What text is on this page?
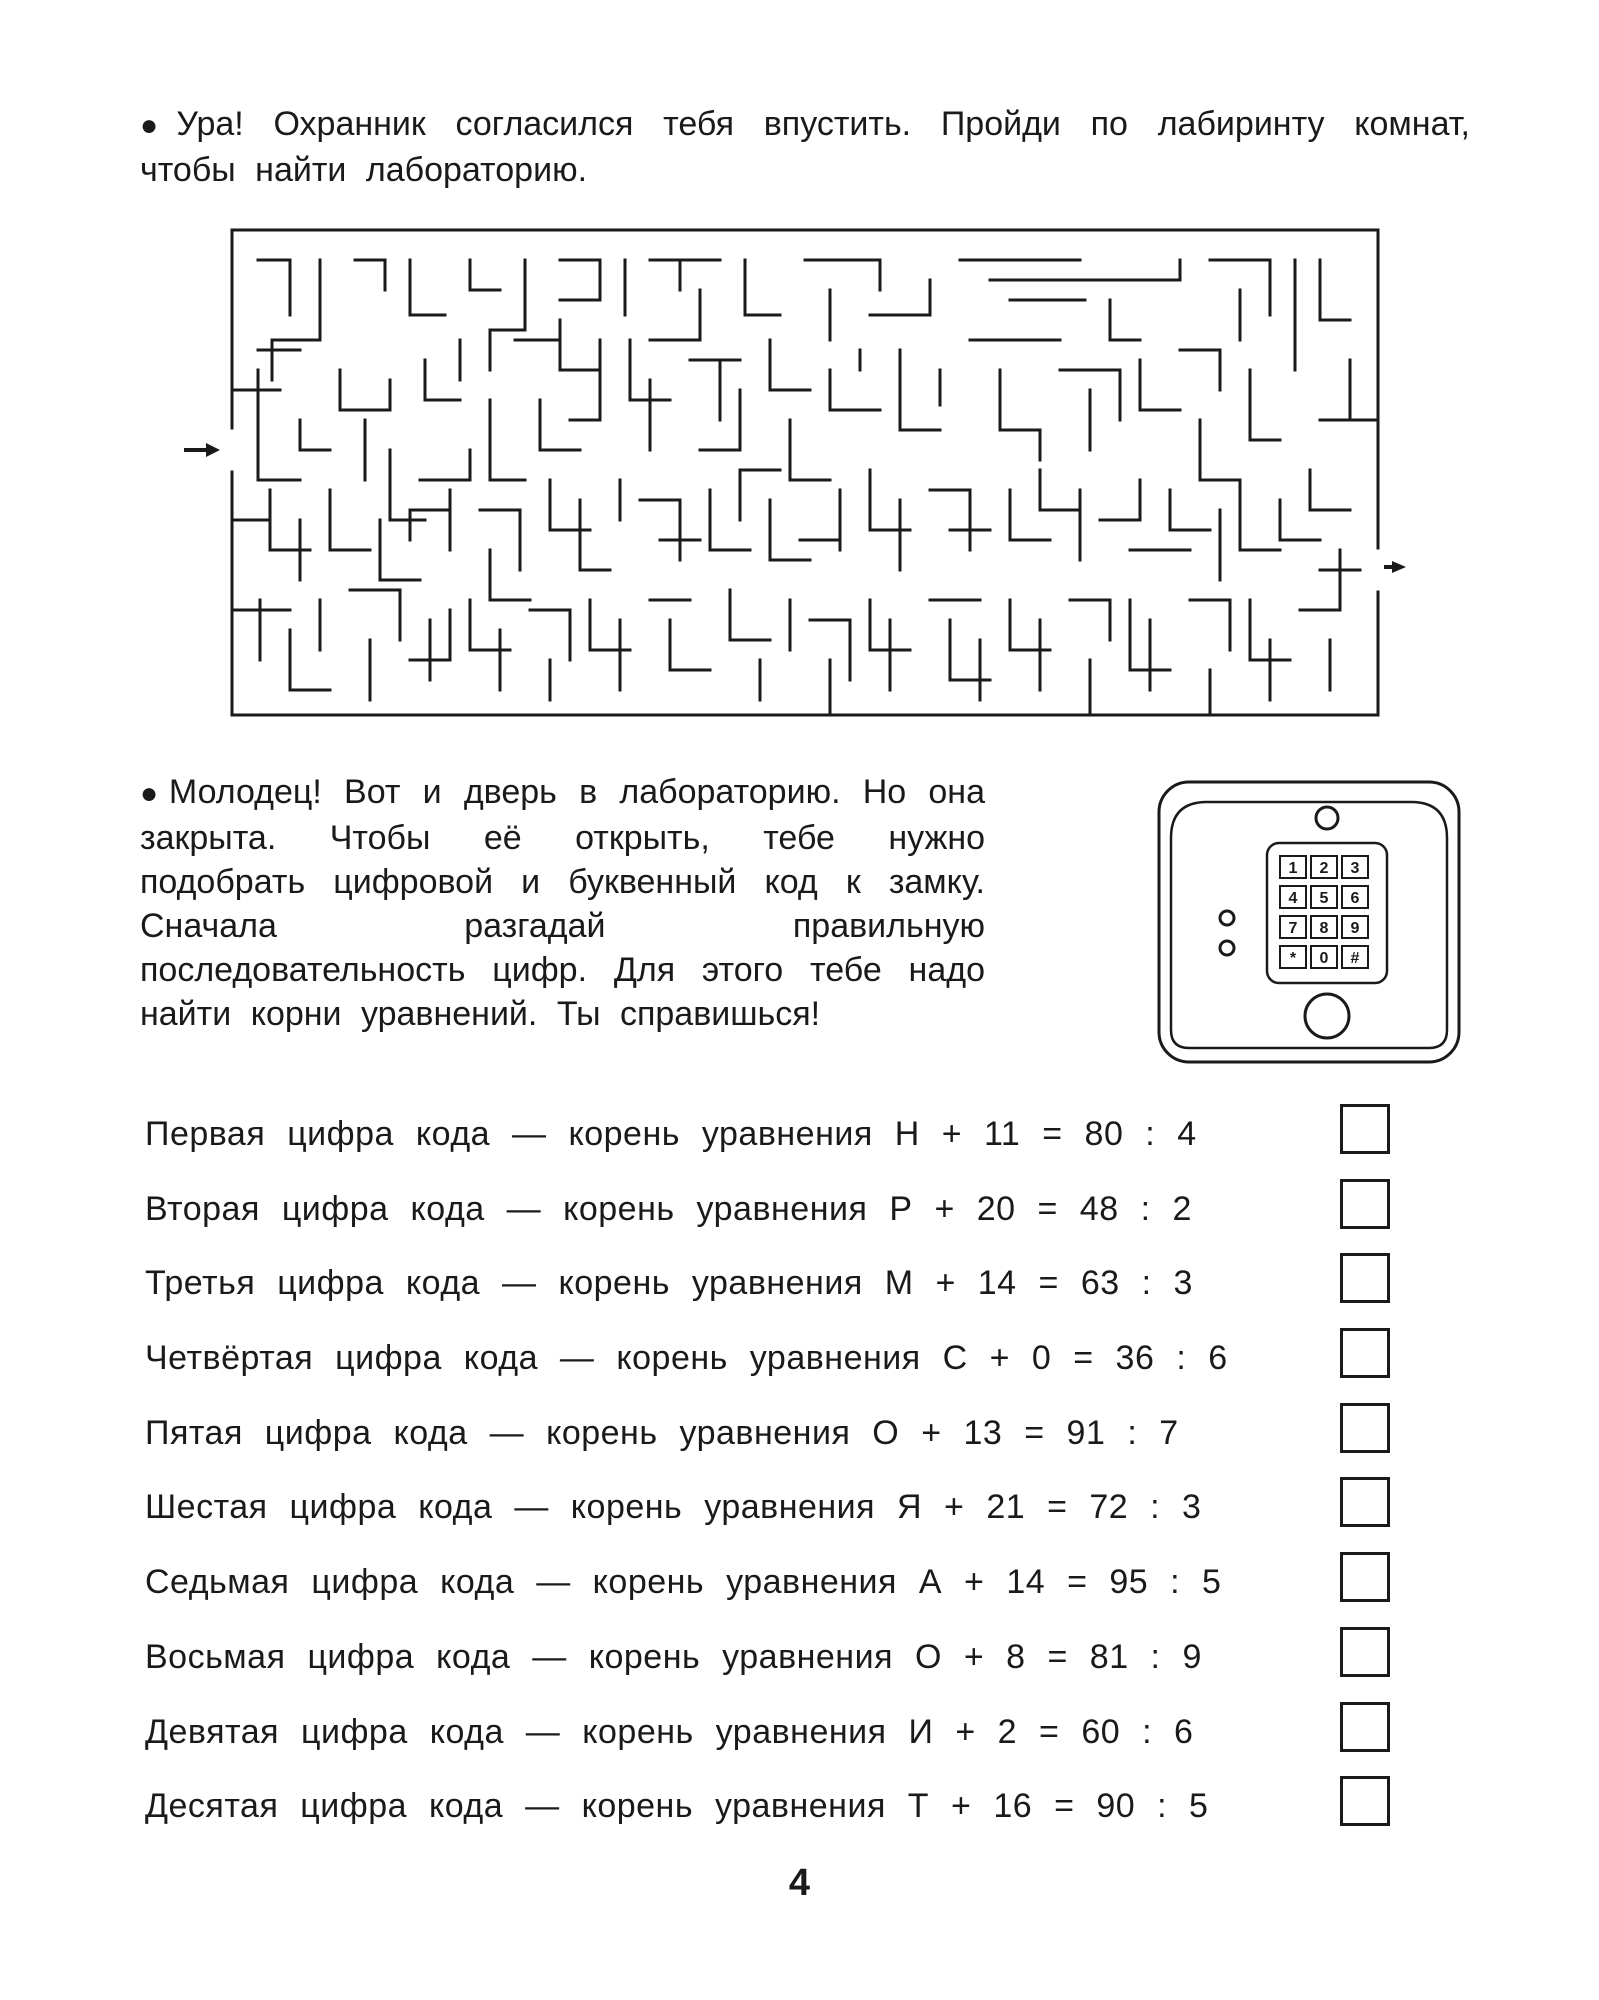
● Ура! Охранник согласился тебя впустить. Пройди по лабиринту комнат, чтобы найти лабораторию.
● Молодец! Вот и дверь в лабораторию. Но она закрыта. Чтобы её открыть, тебе нужно подобрать цифровой и буквенный код к замку. Сначала разгадай правильную последовательность цифр. Для этого тебе надо найти корни уравнений. Ты справишься!
1 2 3
4 5 6
7 8 9
* 0 #
Первая цифра кода — корень уравнения Н + 11 = 80 : 4
Вторая цифра кода — корень уравнения Р + 20 = 48 : 2
Третья цифра кода — корень уравнения М + 14 = 63 : 3
Четвёртая цифра кода — корень уравнения С + 0 = 36 : 6
Пятая цифра кода — корень уравнения О + 13 = 91 : 7
Шестая цифра кода — корень уравнения Я + 21 = 72 : 3
Седьмая цифра кода — корень уравнения А + 14 = 95 : 5
Восьмая цифра кода — корень уравнения О + 8 = 81 : 9
Девятая цифра кода — корень уравнения И + 2 = 60 : 6
Десятая цифра кода — корень уравнения Т + 16 = 90 : 5
4
